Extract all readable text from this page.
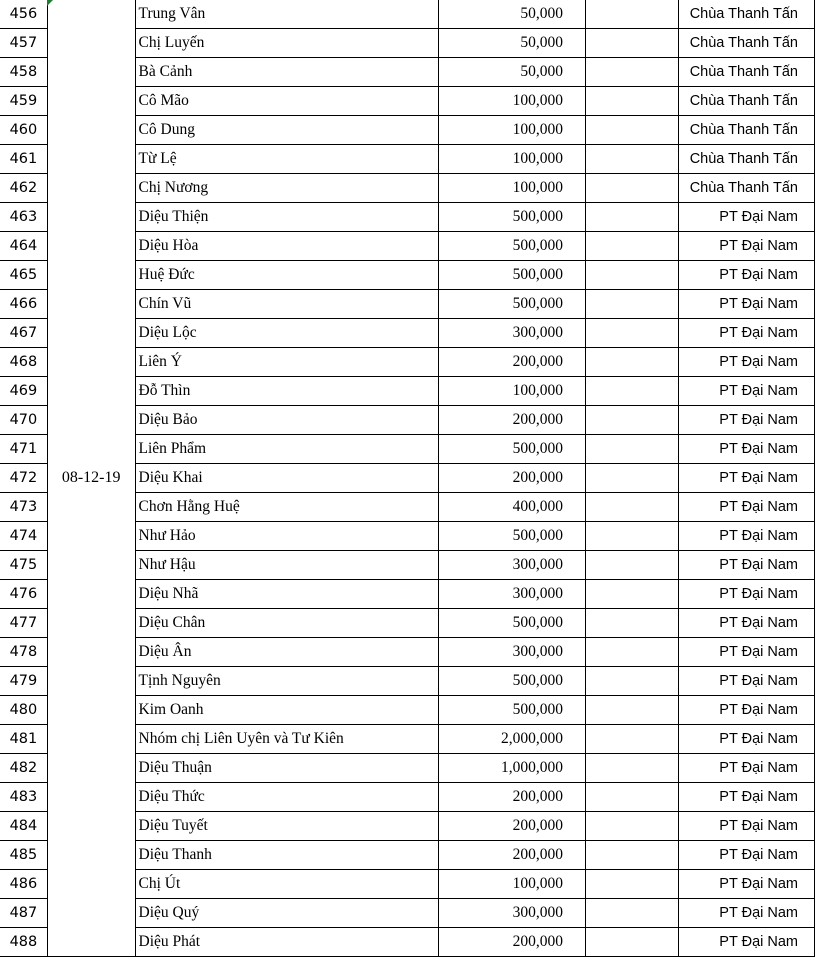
456	08-12-19	Trung Vân	50,000		Chùa Thanh Tấn
457		Chị Luyến	50,000		Chùa Thanh Tấn
458		Bà Cảnh	50,000		Chùa Thanh Tấn
459		Cô Mão	100,000		Chùa Thanh Tấn
460		Cô Dung	100,000		Chùa Thanh Tấn
461		Từ Lệ	100,000		Chùa Thanh Tấn
462		Chị Nương	100,000		Chùa Thanh Tấn
463		Diệu Thiện	500,000		PT Đại Nam
464		Diệu Hòa	500,000		PT Đại Nam
465		Huệ Đức	500,000		PT Đại Nam
466		Chín Vũ	500,000		PT Đại Nam
467		Diệu Lộc	300,000		PT Đại Nam
468		Liên Ý	200,000		PT Đại Nam
469		Đỗ Thìn	100,000		PT Đại Nam
470		Diệu Bảo	200,000		PT Đại Nam
471		Liên Phẩm	500,000		PT Đại Nam
472		Diệu Khai	200,000		PT Đại Nam
473		Chơn Hằng Huệ	400,000		PT Đại Nam
474		Như Hảo	500,000		PT Đại Nam
475		Như Hậu	300,000		PT Đại Nam
476		Diệu Nhã	300,000		PT Đại Nam
477		Diệu Chân	500,000		PT Đại Nam
478		Diệu Ân	300,000		PT Đại Nam
479		Tịnh Nguyên	500,000		PT Đại Nam
480		Kim Oanh	500,000		PT Đại Nam
481		Nhóm chị Liên Uyên và Tư Kiên	2,000,000		PT Đại Nam
482		Diệu Thuận	1,000,000		PT Đại Nam
483		Diệu Thức	200,000		PT Đại Nam
484		Diệu Tuyết	200,000		PT Đại Nam
485		Diệu Thanh	200,000		PT Đại Nam
486		Chị Út	100,000		PT Đại Nam
487		Diệu Quý	300,000		PT Đại Nam
488		Diệu Phát	200,000		PT Đại Nam
